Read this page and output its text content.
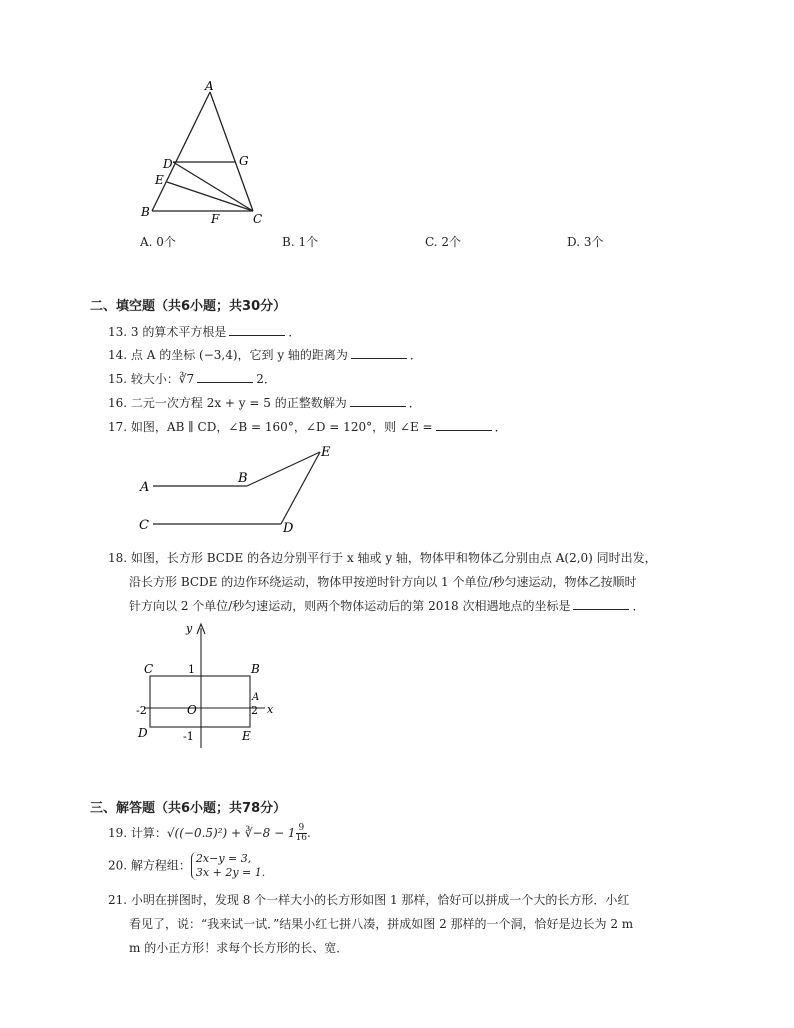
A
D	G
E
B	F	C
A. 0个	B. 1个	C. 2个	D. 3个
二、填空题（共6小题；共30分）
13. 3 的算术平方根是	．
14. 点 A 的坐标 (−3,4)，它到 y 轴的距离为	．
15. 较大小：∛7	2．
16. 二元一次方程 2x + y = 5 的正整数解为	．
17. 如图，AB ∥ CD，∠B = 160°，∠D = 120°，则 ∠E =	．
A
B
E
C	D
18. 如图，长方形 BCDE 的各边分别平行于 x 轴或 y 轴，物体甲和物体乙分别由点 A(2,0) 同时出发，
沿长方形 BCDE 的边作环绕运动，物体甲按逆时针方向以 1 个单位/秒匀速运动，物体乙按顺时
针方向以 2 个单位/秒匀速运动，则两个物体运动后的第 2018 次相遇地点的坐标是	．
y
C	1	B
A
-2	O	2 x
D	-1	E
三、解答题（共6小题；共78分）
19. 计算：√((−0.5)²) + ∛−8 − $1 \frac{9}{16}$ .
20. 解方程组： 2x−y = 3,
3x + 2y = 1.
21. 小明在拼图时，发现 8 个一样大小的长方形如图 1 那样，恰好可以拼成一个大的长方形．小红
看见了，说：“我来试一试．”结果小红七拼八凑，拼成如图 2 那样的一个洞，恰好是边长为 2 m
m 的小正方形！求每个长方形的长、宽．
